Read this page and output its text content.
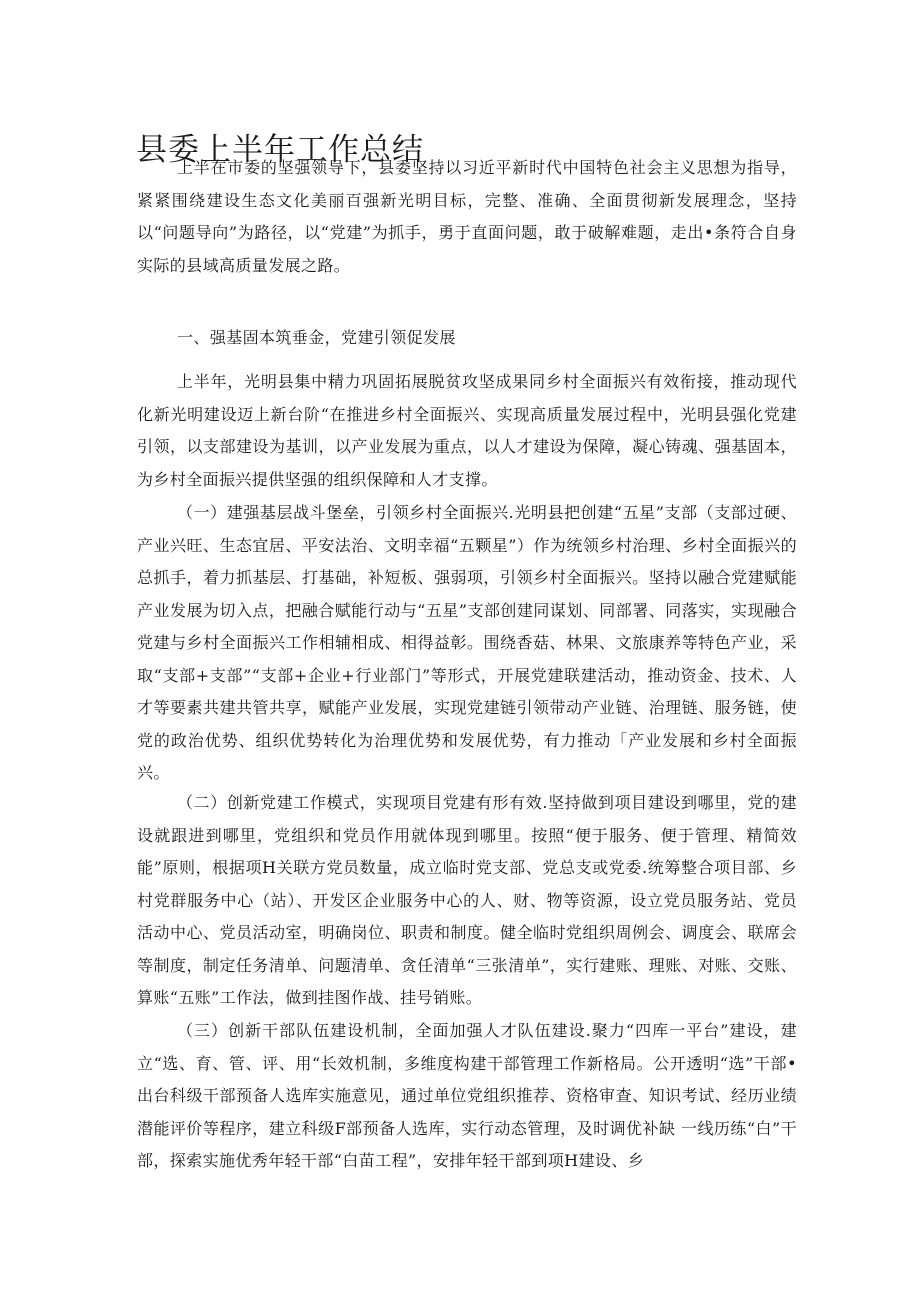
县委上半年工作总结

上半在市委的坚强领导下，县委坚持以习近平新时代中国特色社会主义思想为指导，紧紧围绕建设生态文化美丽百强新光明目标，完整、准确、全面贯彻新发展理念，坚持以“问题导向”为路径，以“党建”为抓手，勇于直面问题，敢于破解难题，走出•条符合自身实际的县域高质量发展之路。

一、强基固本筑垂金，党建引领促发展

上半年，光明县集中精力巩固拓展脱贫攻坚成果同乡村全面振兴有效衔接，推动现代化新光明建设迈上新台阶“在推进乡村全面振兴、实现高质量发展过程中，光明县强化党建引领，以支部建设为基训，以产业发展为重点，以人才建设为保障，凝心铸魂、强基固本，为乡村全面振兴提供坚强的组织保障和人才支撑。

（一）建强基层战斗堡垒，引领乡村全面振兴.光明县把创建“五星”支部（支部过硬、产业兴旺、生态宜居、平安法治、文明幸福“五颗星”）作为统领乡村治理、乡村全面振兴的总抓手，着力抓基层、打基础，补短板、强弱项，引领乡村全面振兴。坚持以融合党建赋能产业发展为切入点，把融合赋能行动与“五星”支部创建同谋划、同部署、同落实，实现融合党建与乡村全面振兴工作相辅相成、相得益彰。围绕香菇、林果、文旅康养等特色产业，采取“支部+支部”“支部+企业+行业部门”等形式，开展党建联建活动，推动资金、技术、人才等要素共建共管共享，赋能产业发展，实现党建链引领带动产业链、治理链、服务链，使党的政治优势、组织优势转化为治理优势和发展优势，有力推动「产业发展和乡村全面振兴。

（二）创新党建工作模式，实现项目党建有形有效.坚持做到项目建设到哪里，党的建设就跟进到哪里，党组织和党员作用就体现到哪里。按照“便于服务、便于管理、精简效能”原则，根据项H关联方党员数量，成立临时党支部、党总支或党委.统筹整合项目部、乡村党群服务中心（站）、开发区企业服务中心的人、财、物等资源，设立党员服务站、党员活动中心、党员活动室，明确岗位、职责和制度。健全临时党组织周例会、调度会、联席会等制度，制定任务清单、问题清单、贪任清单“三张清单”，实行建账、理账、对账、交账、算账“五账”工作法，做到挂图作战、挂号销账。

（三）创新干部队伍建设机制，全面加强人才队伍建设.聚力“四库一平台”建设，建立“选、育、管、评、用“长效机制，多维度构建干部管理工作新格局。公开透明“选”干部•出台科级干部预备人选库实施意见，通过单位党组织推荐、资格审查、知识考试、经历业绩潜能评价等程序，建立科级F部预备人选库，实行动态管理，及时调优补缺 一线历练“白”干部，探索实施优秀年轻干部“白苗工程”，安排年轻干部到项H建设、乡
